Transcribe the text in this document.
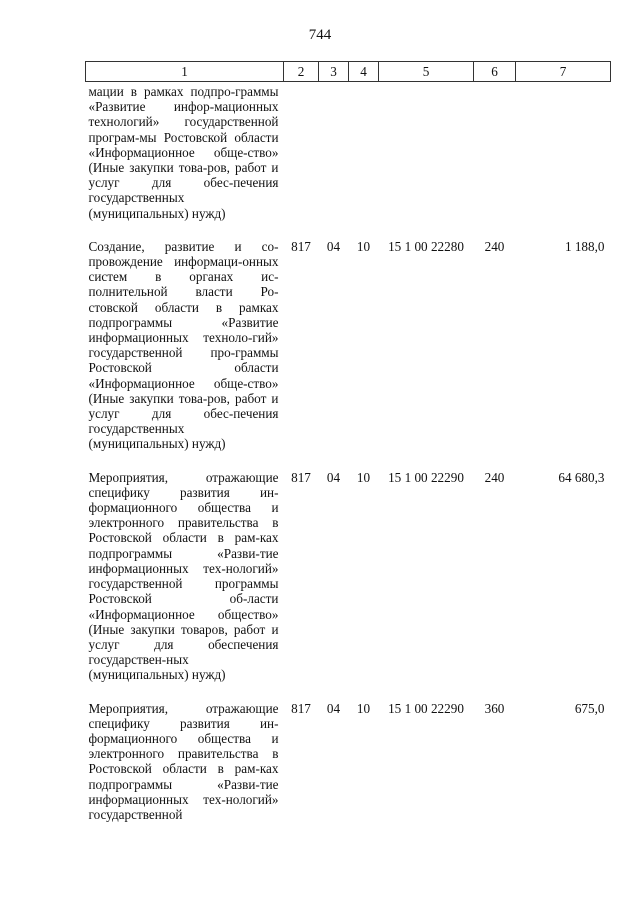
744
1	2	3	4	5	6	7

мации в рамках подпро-граммы «Развитие инфор-мационных технологий» государственной програм-мы Ростовской области «Информационное обще-ство» (Иные закупки това-ров, работ и услуг для обес-печения государственных (муниципальных) нужд)						

Создание, развитие и со-провождение информаци-онных систем в органах ис-полнительной власти Ро-стовской области в рамках подпрограммы «Развитие информационных техноло-гий» государственной про-граммы Ростовской области «Информационное обще-ство» (Иные закупки това-ров, работ и услуг для обес-печения государственных (муниципальных) нужд)	817	04	10	15 1 00 22280	240	1 188,0

Мероприятия, отражающие специфику развития ин-формационного общества и электронного правительства в Ростовской области в рам-ках подпрограммы «Разви-тие информационных тех-нологий» государственной программы Ростовской об-ласти «Информационное общество» (Иные закупки товаров, работ и услуг для обеспечения государствен-ных (муниципальных) нужд)	817	04	10	15 1 00 22290	240	64 680,3

Мероприятия, отражающие специфику развития ин-формационного общества и электронного правительства в Ростовской области в рам-ках подпрограммы «Разви-тие информационных тех-нологий» государственной	817	04	10	15 1 00 22290	360	675,0
